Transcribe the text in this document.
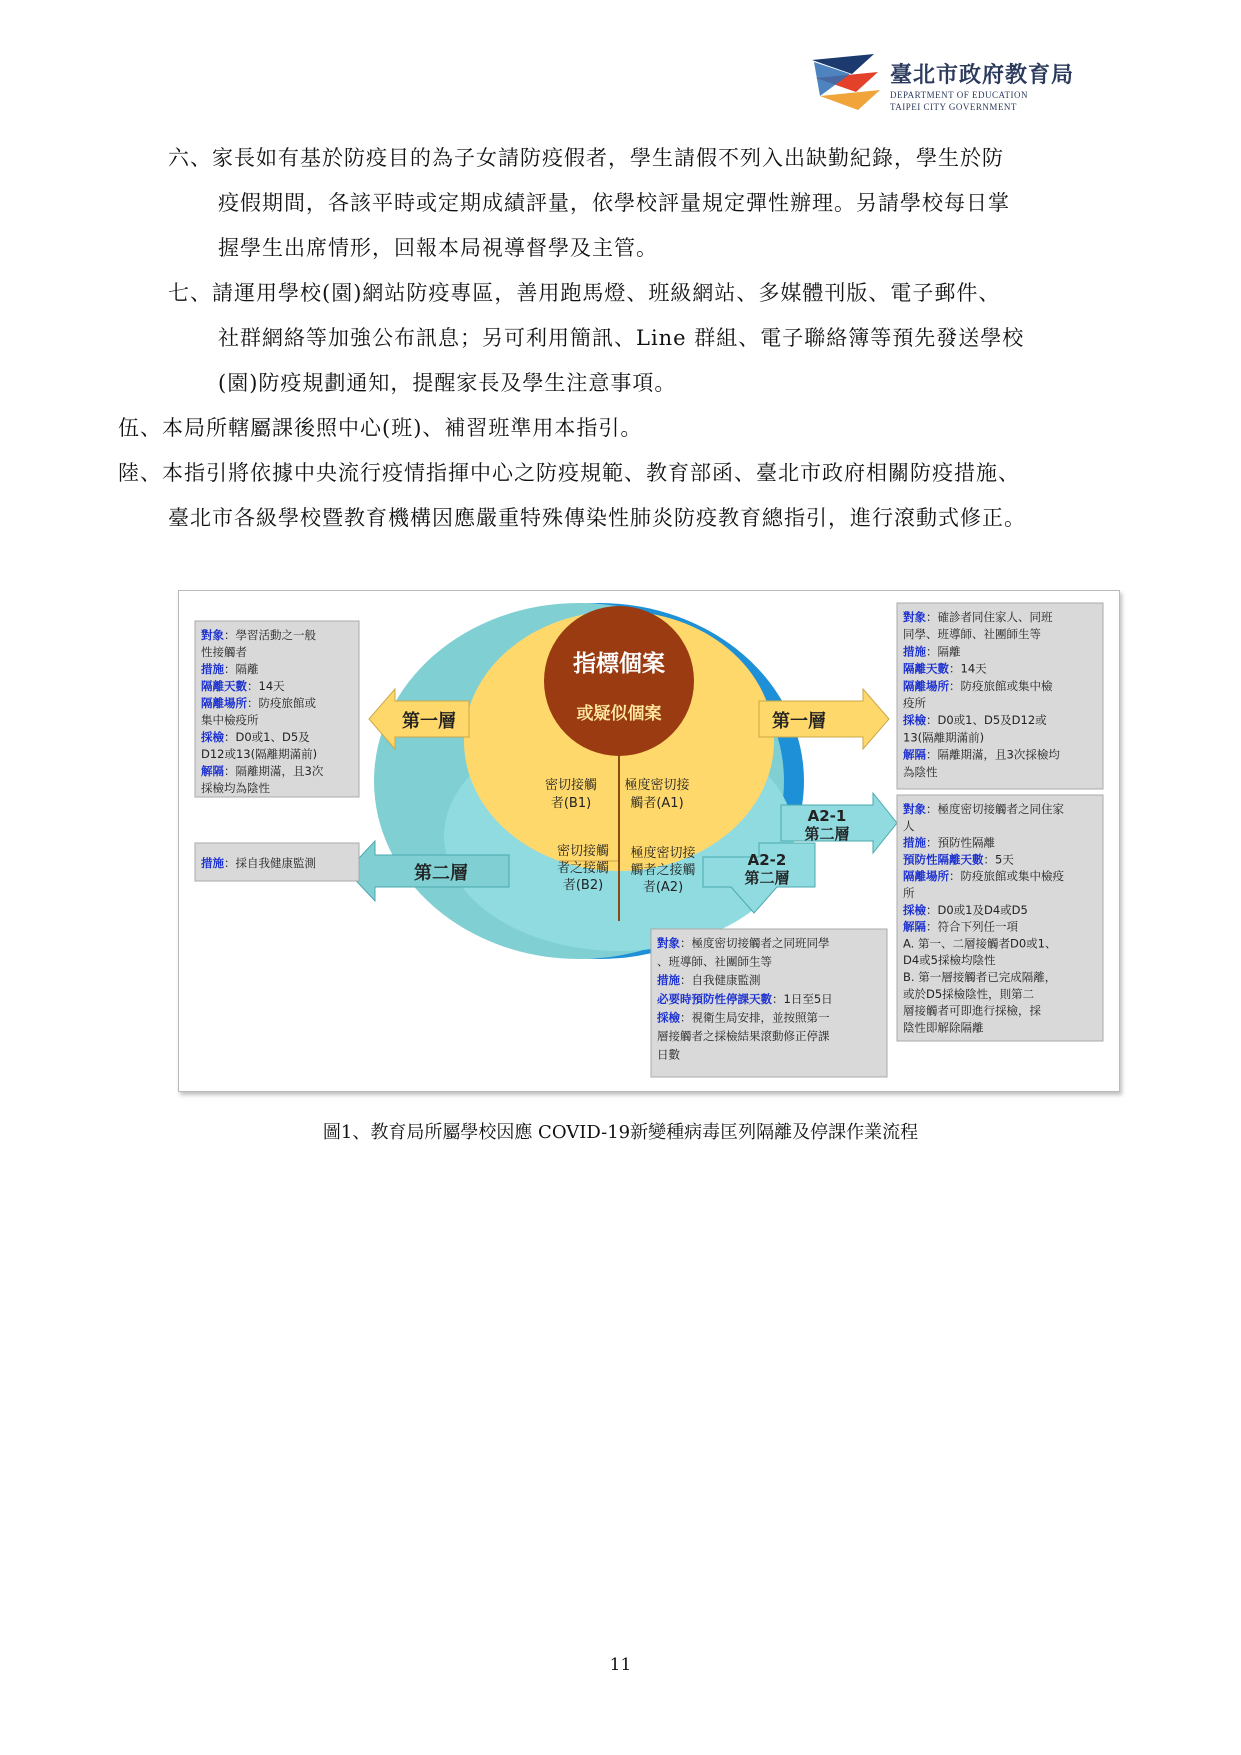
臺北市政府教育局
DEPARTMENT OF EDUCATION
TAIPEI CITY GOVERNMENT
六、家長如有基於防疫目的為子女請防疫假者，學生請假不列入出缺勤紀錄，學生於防
疫假期間，各該平時或定期成績評量，依學校評量規定彈性辦理。另請學校每日掌
握學生出席情形，回報本局視導督學及主管。
七、請運用學校(園)網站防疫專區，善用跑馬燈、班級網站、多媒體刊版、電子郵件、
社群網絡等加強公布訊息；另可利用簡訊、Line 群組、電子聯絡簿等預先發送學校
(園)防疫規劃通知，提醒家長及學生注意事項。
伍、本局所轄屬課後照中心(班)、補習班準用本指引。
陸、本指引將依據中央流行疫情指揮中心之防疫規範、教育部函、臺北市政府相關防疫措施、
臺北市各級學校暨教育機構因應嚴重特殊傳染性肺炎防疫教育總指引，進行滾動式修正。
指標個案
或疑似個案
密切接觸
者(B1)
極度密切接
觸者(A1)
密切接觸
者之接觸
者(B2)
極度密切接
觸者之接觸
者(A2)
第一層	第一層
第二層
A2-1
第二層
A2-2
第二層
對象：學習活動之一般
性接觸者
措施：隔離
隔離天數：14天
隔離場所：防疫旅館或
集中檢疫所
採檢：D0或1、D5及
D12或13(隔離期滿前)
解隔：隔離期滿，且3次
採檢均為陰性
措施：採自我健康監測
對象：確診者同住家人、同班
同學、班導師、社團師生等
措施：隔離
隔離天數：14天
隔離場所：防疫旅館或集中檢
疫所
採檢：D0或1、D5及D12或
13(隔離期滿前)
解隔：隔離期滿，且3次採檢均
為陰性
對象：極度密切接觸者之同住家
人
措施：預防性隔離
預防性隔離天數：5天
隔離場所：防疫旅館或集中檢疫
所
採檢：D0或1及D4或D5
解隔：符合下列任一項
A. 第一、二層接觸者D0或1、
D4或5採檢均陰性
B. 第一層接觸者已完成隔離，
或於D5採檢陰性，則第二
層接觸者可即進行採檢，採
陰性即解除隔離
對象：極度密切接觸者之同班同學
、班導師、社團師生等
措施：自我健康監測
必要時預防性停課天數：1日至5日
採檢：視衛生局安排，並按照第一
層接觸者之採檢結果滾動修正停課
日數
圖1、教育局所屬學校因應 COVID-19新變種病毒匡列隔離及停課作業流程
11
